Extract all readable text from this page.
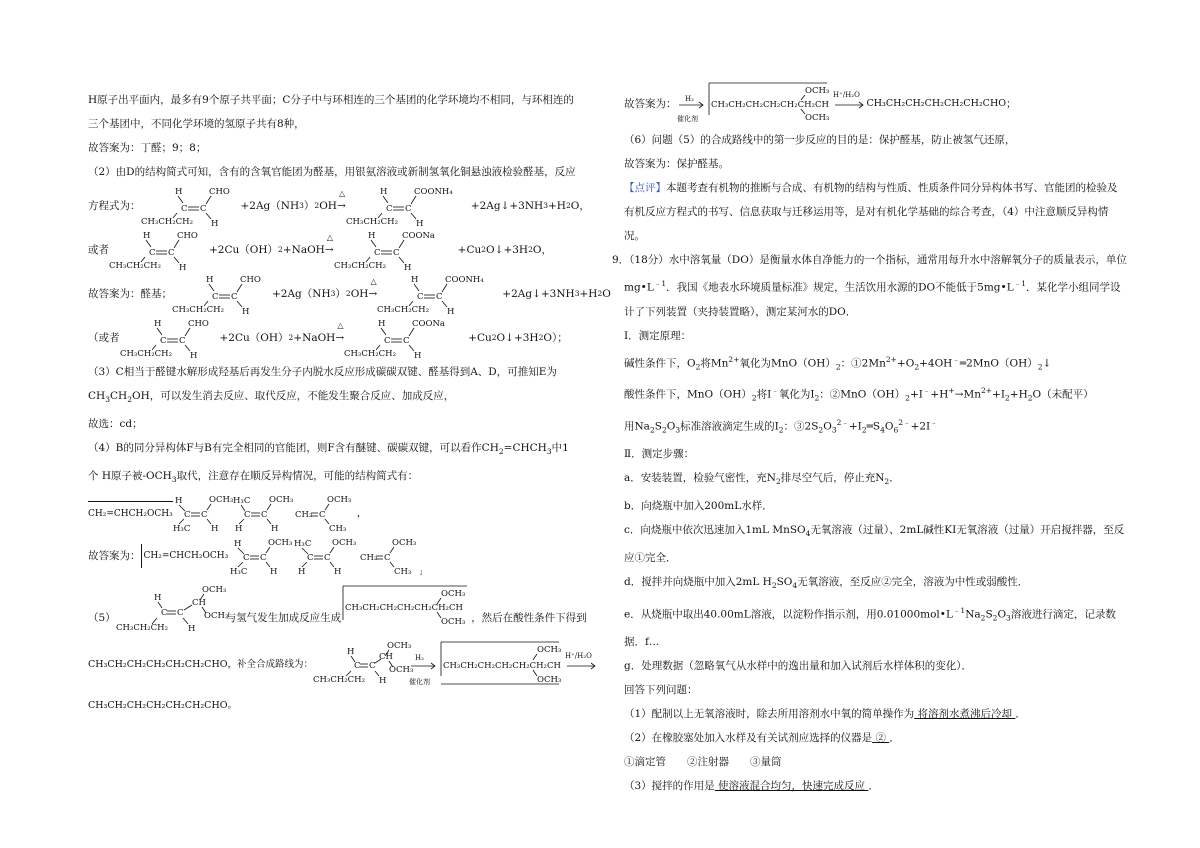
H原子出平面内，最多有9个原子共平面；C分子中与环相连的三个基团的化学环境均不相同，与环相连的
三个基团中，不同化学环境的氢原子共有8种，
故答案为：丁醛；9；8；
（2）由D的结构简式可知，含有的含氧官能团为醛基，用银氨溶液或新制氢氧化铜悬浊液检验醛基，反应
方程式为：
H
C C
CHO
H
CH₃CH₂CH₂
+2Ag（NH 3 ） 2 OH
△
→
H
C C
COONH₄
H
CH₃CH₂CH₂
+2Ag↓+3NH 3 +H 2 O，
或者
H
C C
CHO
H
CH₃CH₂CH₂
+2Cu（OH） 2 +NaOH
△
→
H
C C
COONa
H
CH₃CH₂CH₂
+Cu 2 O↓+3H 2 O，
故答案为：醛基；
H
C C
CHO
H
CH₃CH₂CH₂
+2Ag（NH 3 ） 2 OH
△
→
H
C C
COONH₄
H
CH₃CH₂CH₂
+2Ag↓+3NH 3 +H 2 O
（或者
H
C C
CHO
H
CH₃CH₂CH₂
+2Cu（OH） 2 +NaOH
△
→
H
C C
COONa
H
CH₃CH₂CH₂
+Cu 2 O↓+3H 2 O）；
（3）C相当于醛键水解形成羟基后再发生分子内脱水反应形成碳碳双键、醛基得到A、D，可推知E为
$CH_3CH_2OH$，可以发生消去反应、取代反应，不能发生聚合反应、加成反应，
故选：cd；
（4）B的同分异构体F与B有完全相同的官能团，则F含有醚键、碳碳双键，可以看作$CH_2=CHCH_3$中1
个 H原子被$-OCH_3$取代，注意存在顺反异构情况，可能的结构简式有：
CH₂=CHCH₂OCH₃
H
C C
OCH₃
H
H₃C
H₃C
C C
OCH₃
H
H
CH₂ C
OCH₃
CH₃
，
故答案为： CH₂=CHCH₂OCH₃
H
C C
OCH₃
H
H₃C
H₃C
C C
OCH₃
H
H
CH₂ C
OCH₃
CH₃ ;
（5）
OCH₃
H
C C
CH
OCH₃
H
CH₃CH₂CH₂
与氢气发生加成反应生成
OCH₃
CH₃CH₂CH₂CH₂CH₂CH₂CH
OCH₃ ，然后在酸性条件下得到
CH₃CH₂CH₂CH₂CH₂CH₂CHO，补全合成路线为：
OCH₃
H
C C
CH
OCH₃
H
CH₃CH₂CH₂
H₂
催化剂
OCH₃
CH₃CH₂CH₂CH₂CH₂CH₂CH
OCH₃
H⁺/H₂O
CH₃CH₂CH₂CH₂CH₂CH₂CHO。
故答案为： H₂
催化剂
OCH₃
CH₃CH₂CH₂CH₂CH₂CH₂CH
OCH₃
H⁺/H₂O
CH₃CH₂CH₂CH₂CH₂CH₂CHO ；
（6）问题（5）的合成路线中的第一步反应的目的是：保护醛基，防止被氢气还原，
故答案为：保护醛基。
【点评】本题考查有机物的推断与合成、有机物的结构与性质、性质条件同分异构体书写、官能团的检验及
有机反应方程式的书写、信息获取与迁移运用等，是对有机化学基础的综合考查，（4）中注意顺反异构情
况。
9．（18分）水中溶氧量（DO）是衡量水体自净能力的一个指标，通常用每升水中溶解氧分子的质量表示，单位
$mg•L^{﹣1}$．我国《地表水环境质量标准》规定，生活饮用水源的DO不能低于$5mg•L^{﹣1}$．某化学小组同学设
计了下列装置（夹持装置略），测定某河水的DO．
Ⅰ．测定原理：
碱性条件下，$O_2$将$Mn^{2+}$氧化为$MnO(OH)_2$：$①2Mn^{2+}+O_2+4OH^﹣═2MnO(OH)_2↓$
酸性条件下，$MnO(OH)_2$将I﹣氧化为$I_2$：$②MnO(OH)_2+I^﹣+H^+\to Mn^{2+}+I_2+H_2O$（未配平）
用$Na_2S_2O_3$标准溶液滴定生成的$I_2$：$③2S_2O_3^{2﹣}+I_2═S_4O_6^{2﹣}+2I^﹣$
Ⅱ．测定步骤：
a．安装装置，检验气密性，充$N_2$排尽空气后，停止充$N_2$．
b．向烧瓶中加入200mL水样．
c．向烧瓶中依次迅速加入1mL MnSO$_4$无氧溶液（过量）、2mL碱性KI无氧溶液（过量）开启搅拌器，至反
应①完全．
d．搅拌并向烧瓶中加入2mL $H_2SO_4$无氧溶液，至反应②完全，溶液为中性或弱酸性．
e．从烧瓶中取出40.00mL溶液，以淀粉作指示剂，用$0.01000mol•L^{﹣1}Na_2S_2O_3$溶液进行滴定，记录数
据．f…
g．处理数据（忽略氧气从水样中的逸出量和加入试剂后水样体积的变化）．
回答下列问题：
（1）配制以上无氧溶液时，除去所用溶剂水中氧的简单操作为 将溶剂水煮沸后冷却 ．
（2）在橡胶塞处加入水样及有关试剂应选择的仪器是 ② ．
①滴定管　　②注射器　　③量筒
（3）搅拌的作用是 使溶液混合均匀，快速完成反应 ．
